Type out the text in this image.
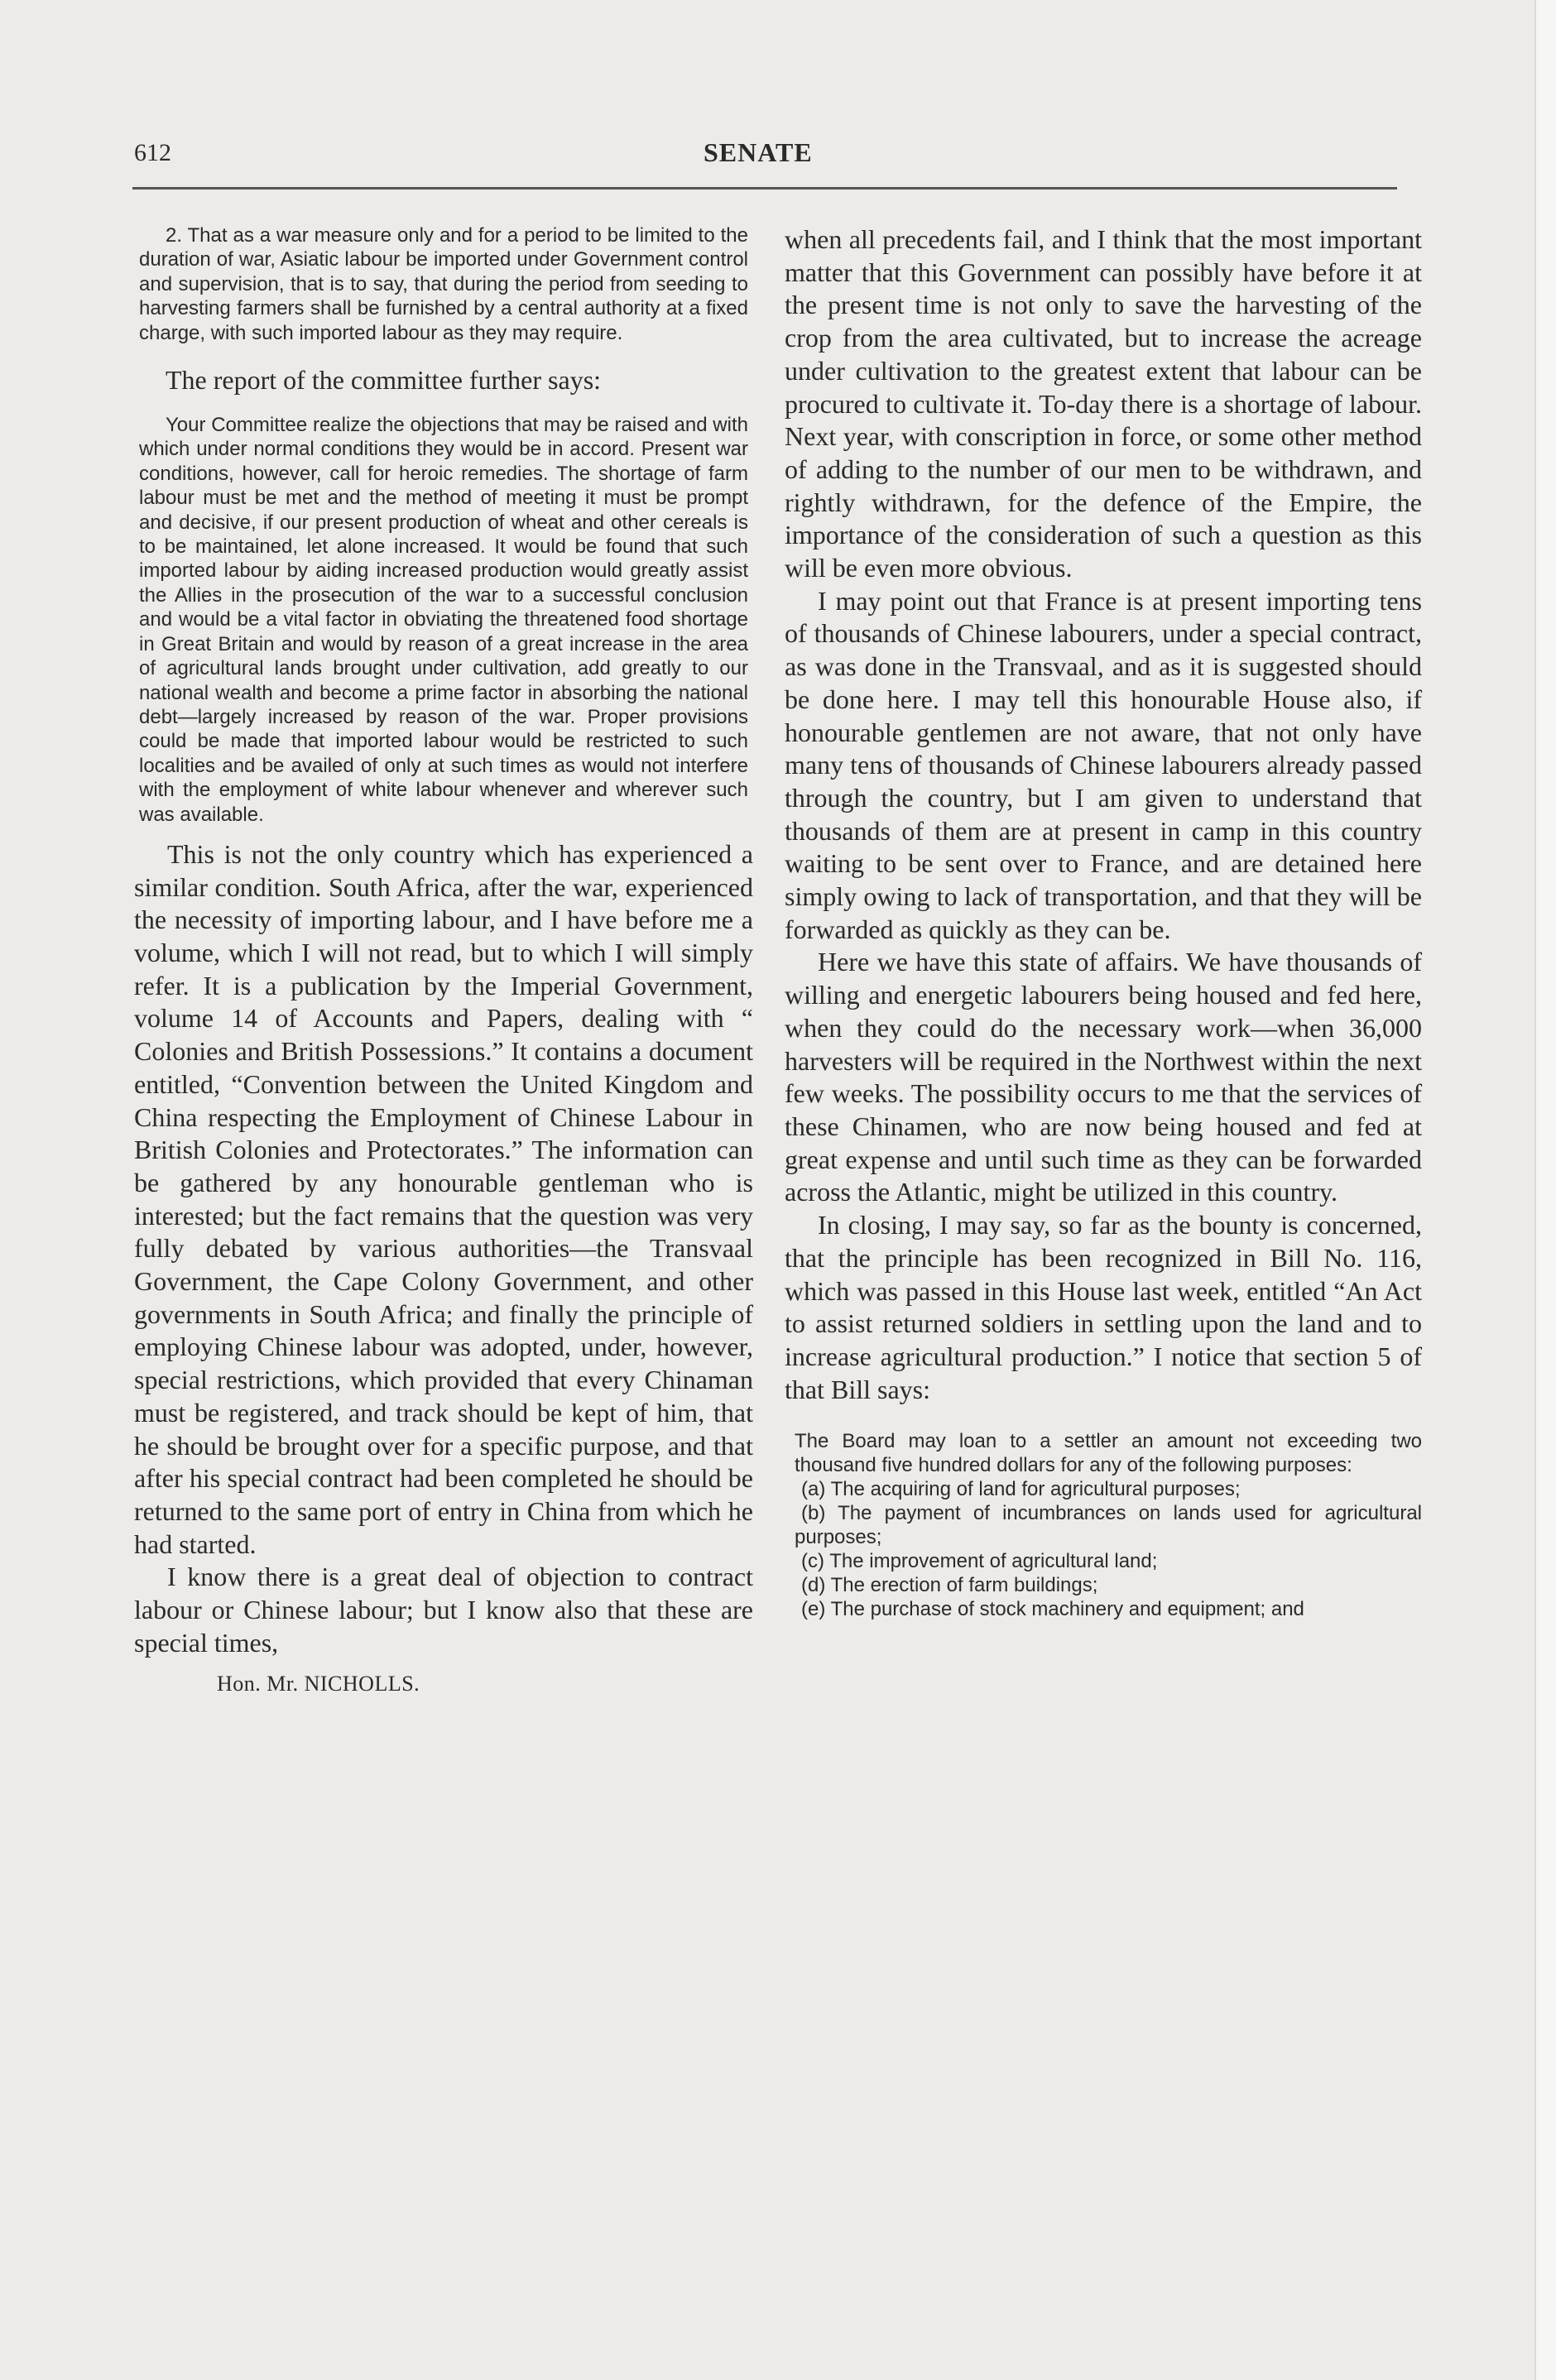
612	SENATE

2. That as a war measure only and for a period to be limited to the duration of war, Asiatic labour be imported under Government control and supervision, that is to say, that during the period from seeding to harvesting farmers shall be furnished by a central authority at a fixed charge, with such imported labour as they may require.

The report of the committee further says:

Your Committee realize the objections that may be raised and with which under normal conditions they would be in accord. Present war conditions, however, call for heroic remedies. The shortage of farm labour must be met and the method of meeting it must be prompt and decisive, if our present production of wheat and other cereals is to be maintained, let alone increased. It would be found that such imported labour by aiding increased production would greatly assist the Allies in the prosecution of the war to a successful conclusion and would be a vital factor in obviating the threatened food shortage in Great Britain and would by reason of a great increase in the area of agricultural lands brought under cultivation, add greatly to our national wealth and become a prime factor in absorbing the national debt—largely increased by reason of the war. Proper provisions could be made that imported labour would be restricted to such localities and be availed of only at such times as would not interfere with the employment of white labour whenever and wherever such was available.

This is not the only country which has experienced a similar condition. South Africa, after the war, experienced the necessity of importing labour, and I have before me a volume, which I will not read, but to which I will simply refer. It is a publication by the Imperial Government, volume 14 of Accounts and Papers, dealing with “ Colonies and British Possessions.” It contains a document entitled, “Convention between the United Kingdom and China respecting the Employment of Chinese Labour in British Colonies and Protectorates.” The information can be gathered by any honourable gentleman who is interested; but the fact remains that the question was very fully debated by various authorities—the Transvaal Government, the Cape Colony Government, and other governments in South Africa; and finally the principle of employing Chinese labour was adopted, under, however, special restrictions, which provided that every Chinaman must be registered, and track should be kept of him, that he should be brought over for a specific purpose, and that after his special contract had been completed he should be returned to the same port of entry in China from which he had started.

I know there is a great deal of objection to contract labour or Chinese labour; but I know also that these are special times,

Hon. Mr. NICHOLLS.

when all precedents fail, and I think that the most important matter that this Government can possibly have before it at the present time is not only to save the harvesting of the crop from the area cultivated, but to increase the acreage under cultivation to the greatest extent that labour can be procured to cultivate it. To-day there is a shortage of labour. Next year, with conscription in force, or some other method of adding to the number of our men to be withdrawn, and rightly withdrawn, for the defence of the Empire, the importance of the consideration of such a question as this will be even more obvious.

I may point out that France is at present importing tens of thousands of Chinese labourers, under a special contract, as was done in the Transvaal, and as it is suggested should be done here. I may tell this honourable House also, if honourable gentlemen are not aware, that not only have many tens of thousands of Chinese labourers already passed through the country, but I am given to understand that thousands of them are at present in camp in this country waiting to be sent over to France, and are detained here simply owing to lack of transportation, and that they will be forwarded as quickly as they can be.

Here we have this state of affairs. We have thousands of willing and energetic labourers being housed and fed here, when they could do the necessary work—when 36,000 harvesters will be required in the Northwest within the next few weeks. The possibility occurs to me that the services of these Chinamen, who are now being housed and fed at great expense and until such time as they can be forwarded across the Atlantic, might be utilized in this country.

In closing, I may say, so far as the bounty is concerned, that the principle has been recognized in Bill No. 116, which was passed in this House last week, entitled “An Act to assist returned soldiers in settling upon the land and to increase agricultural production.” I notice that section 5 of that Bill says:

The Board may loan to a settler an amount not exceeding two thousand five hundred dollars for any of the following purposes:

(a) The acquiring of land for agricultural purposes;

(b) The payment of incumbrances on lands used for agricultural purposes;

(c) The improvement of agricultural land;

(d) The erection of farm buildings;

(e) The purchase of stock machinery and equipment; and
